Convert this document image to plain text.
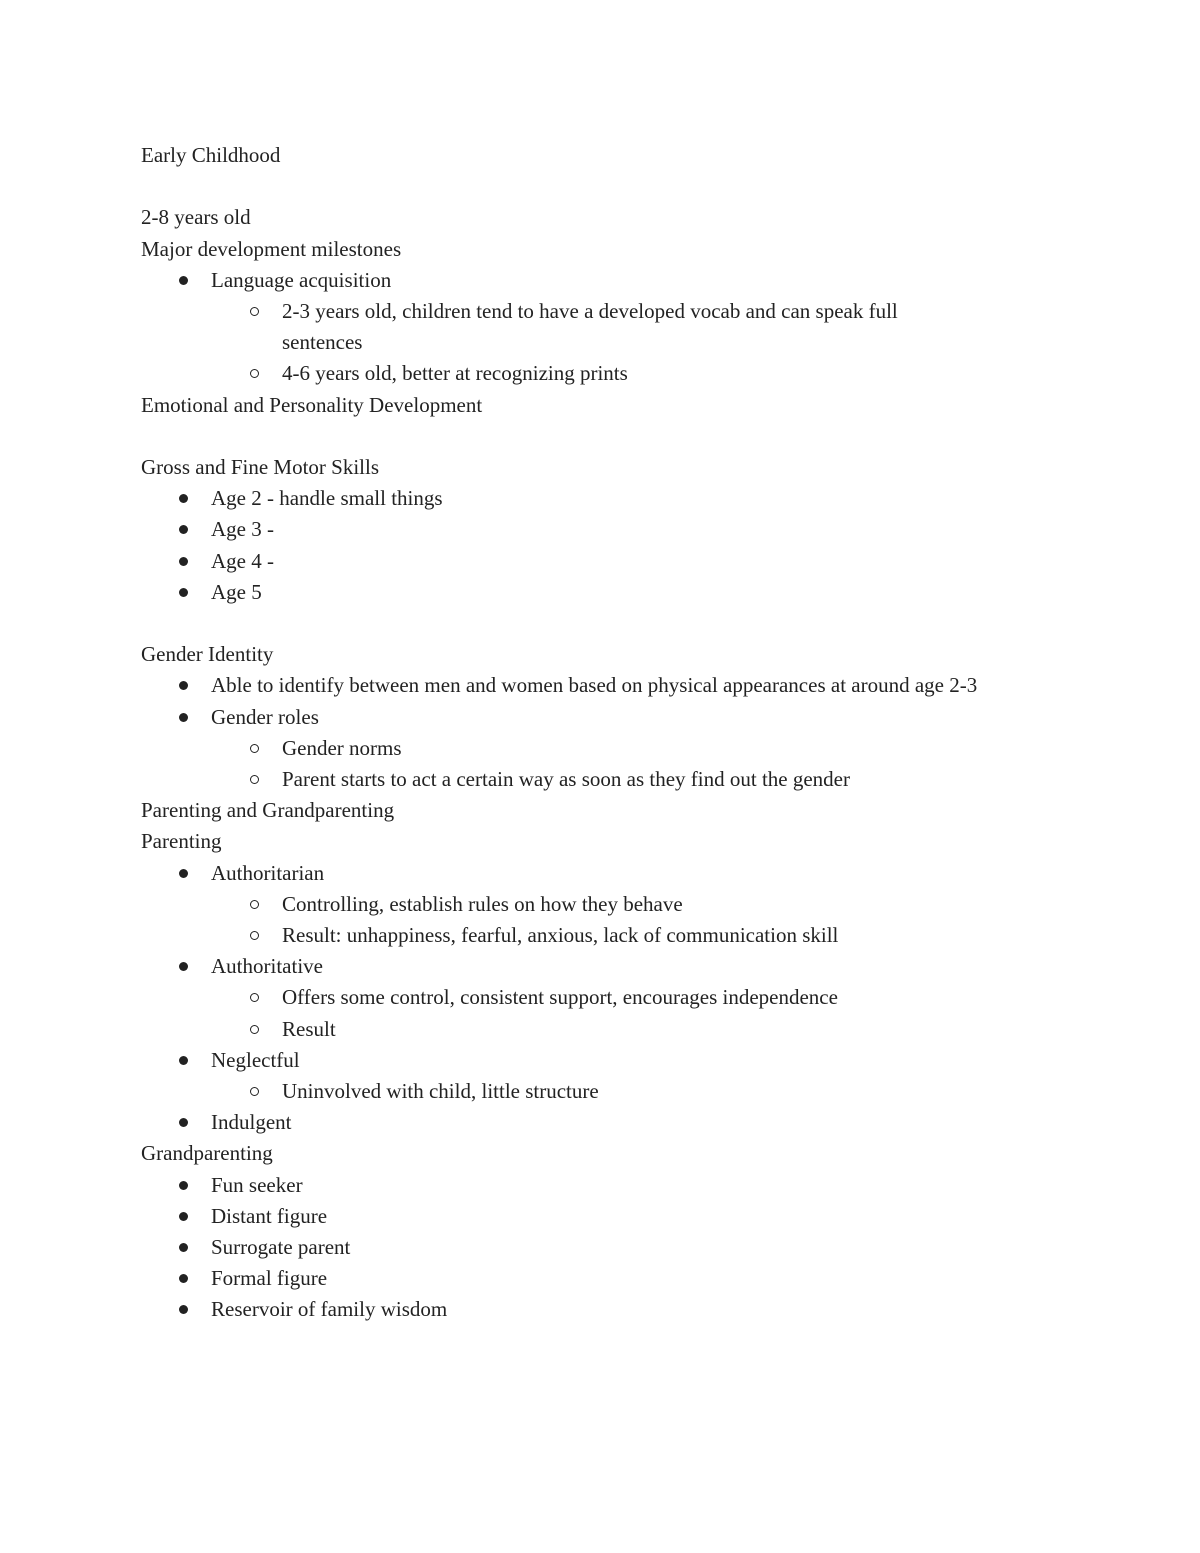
Early Childhood

2-8 years old

Major development milestones

Language acquisition
2-3 years old, children tend to have a developed vocab and can speak full sentences
4-6 years old, better at recognizing prints

Emotional and Personality Development

Gross and Fine Motor Skills

Age 2 - handle small things
Age 3 -
Age 4 -
Age 5

Gender Identity

Able to identify between men and women based on physical appearances at around age 2-3
Gender roles
Gender norms
Parent starts to act a certain way as soon as they find out the gender

Parenting and Grandparenting

Parenting

Authoritarian
Controlling, establish rules on how they behave
Result: unhappiness, fearful, anxious, lack of communication skill
Authoritative
Offers some control, consistent support, encourages independence
Result
Neglectful
Uninvolved with child, little structure
Indulgent

Grandparenting

Fun seeker
Distant figure
Surrogate parent
Formal figure
Reservoir of family wisdom
